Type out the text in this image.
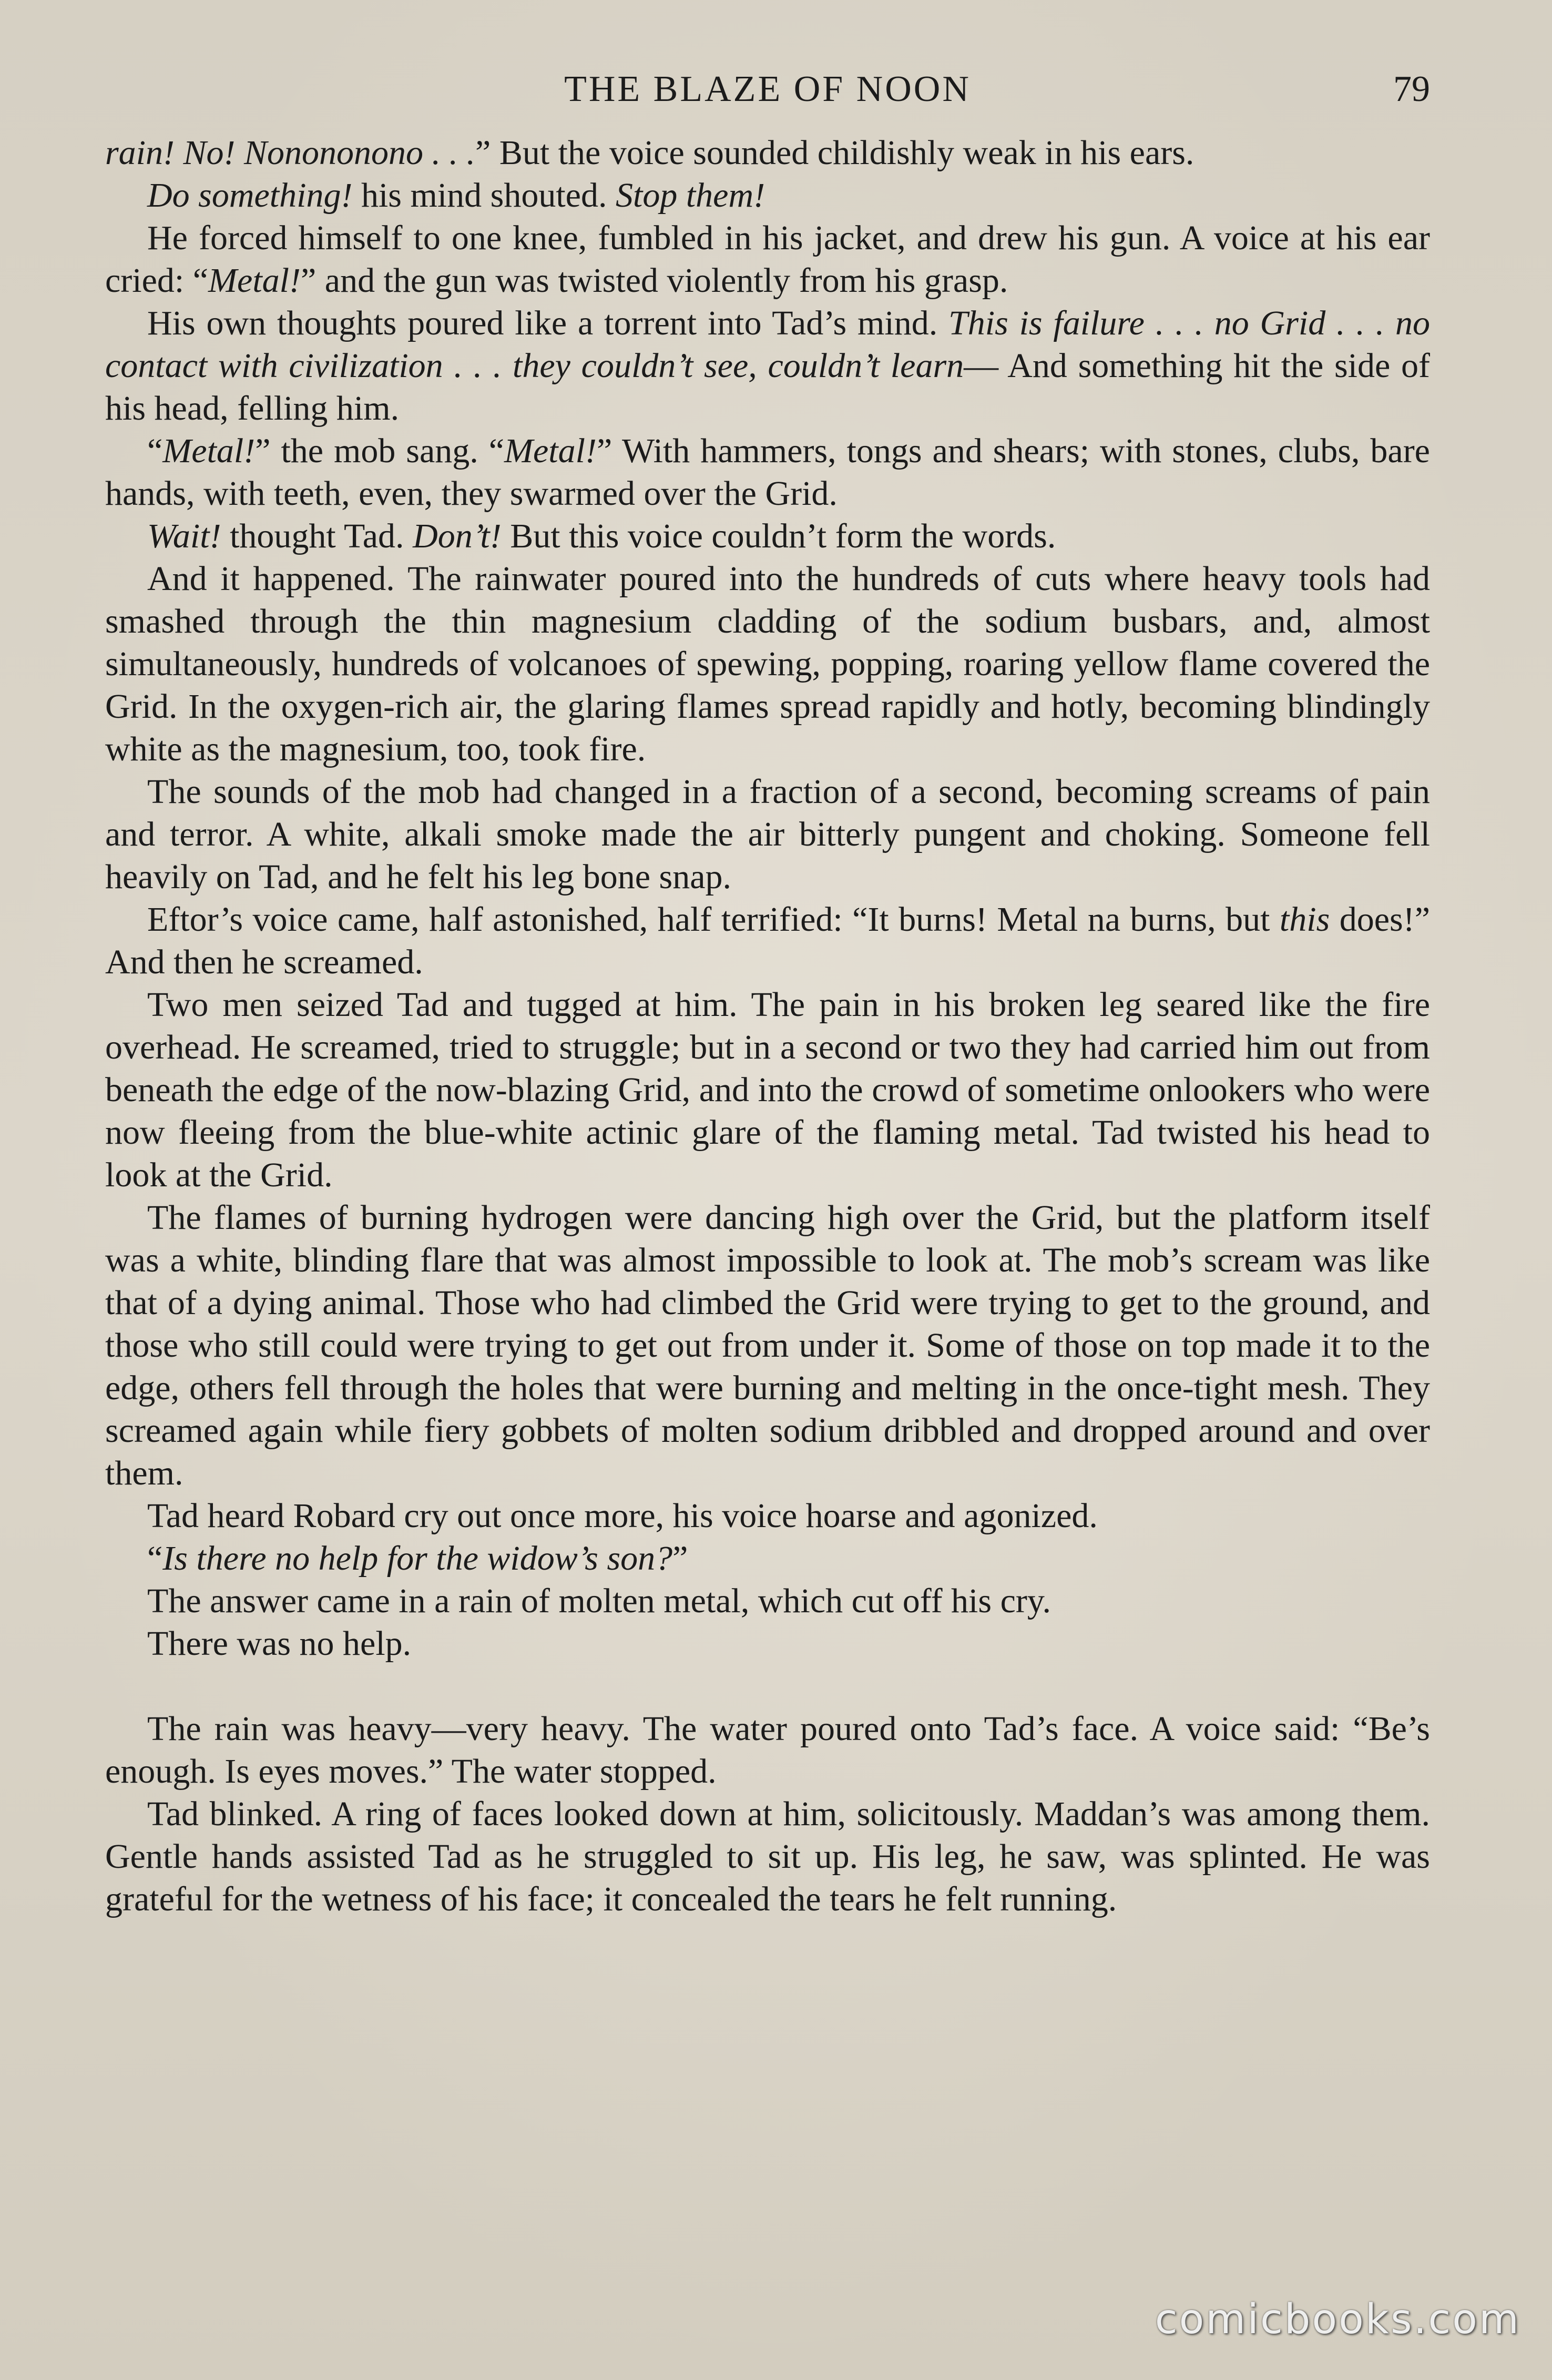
THE BLAZE OF NOON	79

rain! No! Nonononono . . .” But the voice sounded childishly weak in his ears.

Do something! his mind shouted. Stop them!

He forced himself to one knee, fumbled in his jacket, and drew his gun. A voice at his ear cried: “Metal!” and the gun was twisted violently from his grasp.

His own thoughts poured like a torrent into Tad’s mind. This is failure . . . no Grid . . . no contact with civilization . . . they couldn’t see, couldn’t learn— And something hit the side of his head, felling him.

“Metal!” the mob sang. “Metal!” With hammers, tongs and shears; with stones, clubs, bare hands, with teeth, even, they swarmed over the Grid.

Wait! thought Tad. Don’t! But this voice couldn’t form the words.

And it happened. The rainwater poured into the hundreds of cuts where heavy tools had smashed through the thin magnesium cladding of the sodium busbars, and, almost simultaneously, hundreds of volcanoes of spewing, popping, roaring yellow flame covered the Grid. In the oxygen-rich air, the glaring flames spread rapidly and hotly, becoming blindingly white as the magnesium, too, took fire.

The sounds of the mob had changed in a fraction of a second, becoming screams of pain and terror. A white, alkali smoke made the air bitterly pungent and choking. Someone fell heavily on Tad, and he felt his leg bone snap.

Eftor’s voice came, half astonished, half terrified: “It burns! Metal na burns, but this does!” And then he screamed.

Two men seized Tad and tugged at him. The pain in his broken leg seared like the fire overhead. He screamed, tried to struggle; but in a second or two they had carried him out from beneath the edge of the now-blazing Grid, and into the crowd of sometime onlookers who were now fleeing from the blue-white actinic glare of the flaming metal. Tad twisted his head to look at the Grid.

The flames of burning hydrogen were dancing high over the Grid, but the platform itself was a white, blinding flare that was almost impossible to look at. The mob’s scream was like that of a dying animal. Those who had climbed the Grid were trying to get to the ground, and those who still could were trying to get out from under it. Some of those on top made it to the edge, others fell through the holes that were burning and melting in the once-tight mesh. They screamed again while fiery gobbets of molten sodium dribbled and dropped around and over them.

Tad heard Robard cry out once more, his voice hoarse and agonized.

“Is there no help for the widow’s son?”

The answer came in a rain of molten metal, which cut off his cry.

There was no help.

The rain was heavy—very heavy. The water poured onto Tad’s face. A voice said: “Be’s enough. Is eyes moves.” The water stopped.

Tad blinked. A ring of faces looked down at him, solicitously. Maddan’s was among them. Gentle hands assisted Tad as he struggled to sit up. His leg, he saw, was splinted. He was grateful for the wetness of his face; it concealed the tears he felt running.

comicbooks.com
